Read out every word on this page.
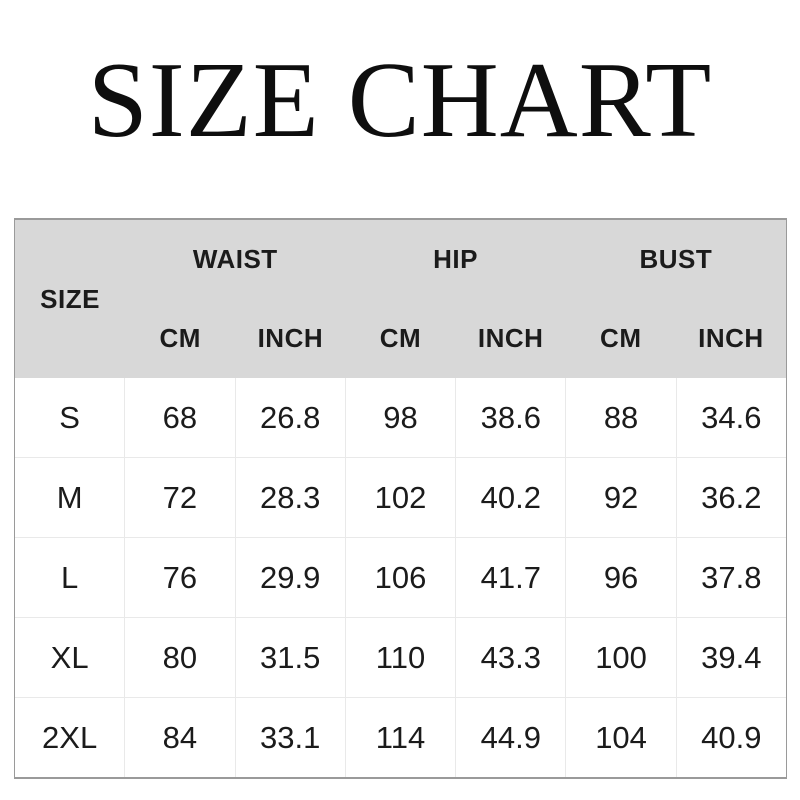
SIZE CHART
SIZE
WAIST	HIP	BUST
CM	INCH	CM	INCH	CM	INCH
S	68	26.8	98	38.6	88	34.6
M	72	28.3	102	40.2	92	36.2
L	76	29.9	106	41.7	96	37.8
XL	80	31.5	110	43.3	100	39.4
2XL	84	33.1	114	44.9	104	40.9
